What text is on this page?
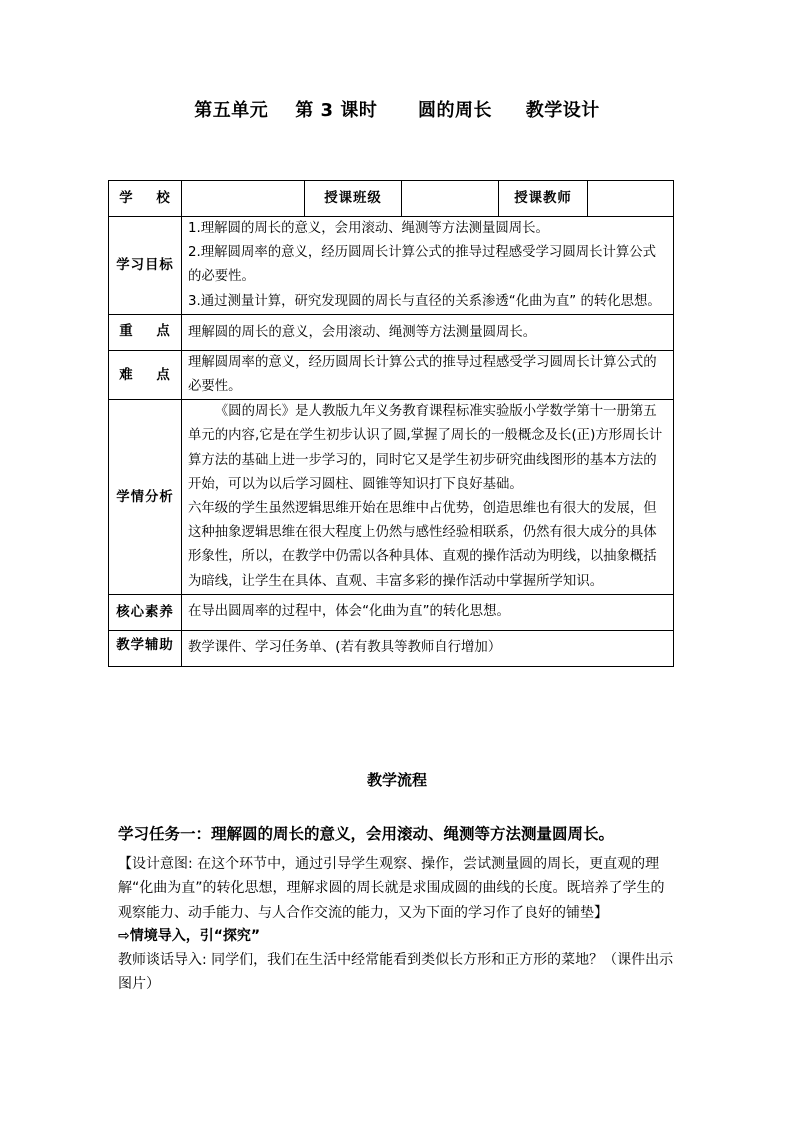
第五单元    第 3 课时      圆的周长     教学设计
学    校		授课班级		授课教师	
学习目标	1.理解圆的周长的意义，会用滚动、绳测等方法测量圆周长。

2.理解圆周率的意义，经历圆周长计算公式的推导过程感受学习圆周长计算公式的必要性。

3.通过测量计算，研究发现圆的周长与直径的关系渗透“化曲为直” 的转化思想。				

重    点	理解圆的周长的意义，会用滚动、绳测等方法测量圆周长。				
难    点	理解圆周率的意义，经历圆周长计算公式的推导过程感受学习圆周长计算公式的必要性。				
学情分析	《圆的周长》是人教版九年义务教育课程标准实验版小学数学第十一册第五单元的内容,它是在学生初步认识了圆,掌握了周长的一般概念及长(正)方形周长计算方法的基础上进一步学习的，同时它又是学生初步研究曲线图形的基本方法的开始，可以为以后学习圆柱、圆锥等知识打下良好基础。

六年级的学生虽然逻辑思维开始在思维中占优势，创造思维也有很大的发展，但这种抽象逻辑思维在很大程度上仍然与感性经验相联系，仍然有很大成分的具体形象性，所以，在教学中仍需以各种具体、直观的操作活动为明线，以抽象概括为暗线，让学生在具体、直观、丰富多彩的操作活动中掌握所学知识。				

核心素养	在导出圆周率的过程中，体会“化曲为直”的转化思想。				
教学辅助	教学课件、学习任务单、(若有教具等教师自行增加）				
教学流程
学习任务一：理解圆的周长的意义，会用滚动、绳测等方法测量圆周长。

【设计意图: 在这个环节中，通过引导学生观察、操作，尝试测量圆的周长，更直观的理解“化曲为直”的转化思想，理解求圆的周长就是求围成圆的曲线的长度。既培养了学生的观察能力、动手能力、与人合作交流的能力，又为下面的学习作了良好的铺垫】

⇨情境导入，引“探究”

教师谈话导入: 同学们，我们在生活中经常能看到类似长方形和正方形的菜地？（课件出示图片）
